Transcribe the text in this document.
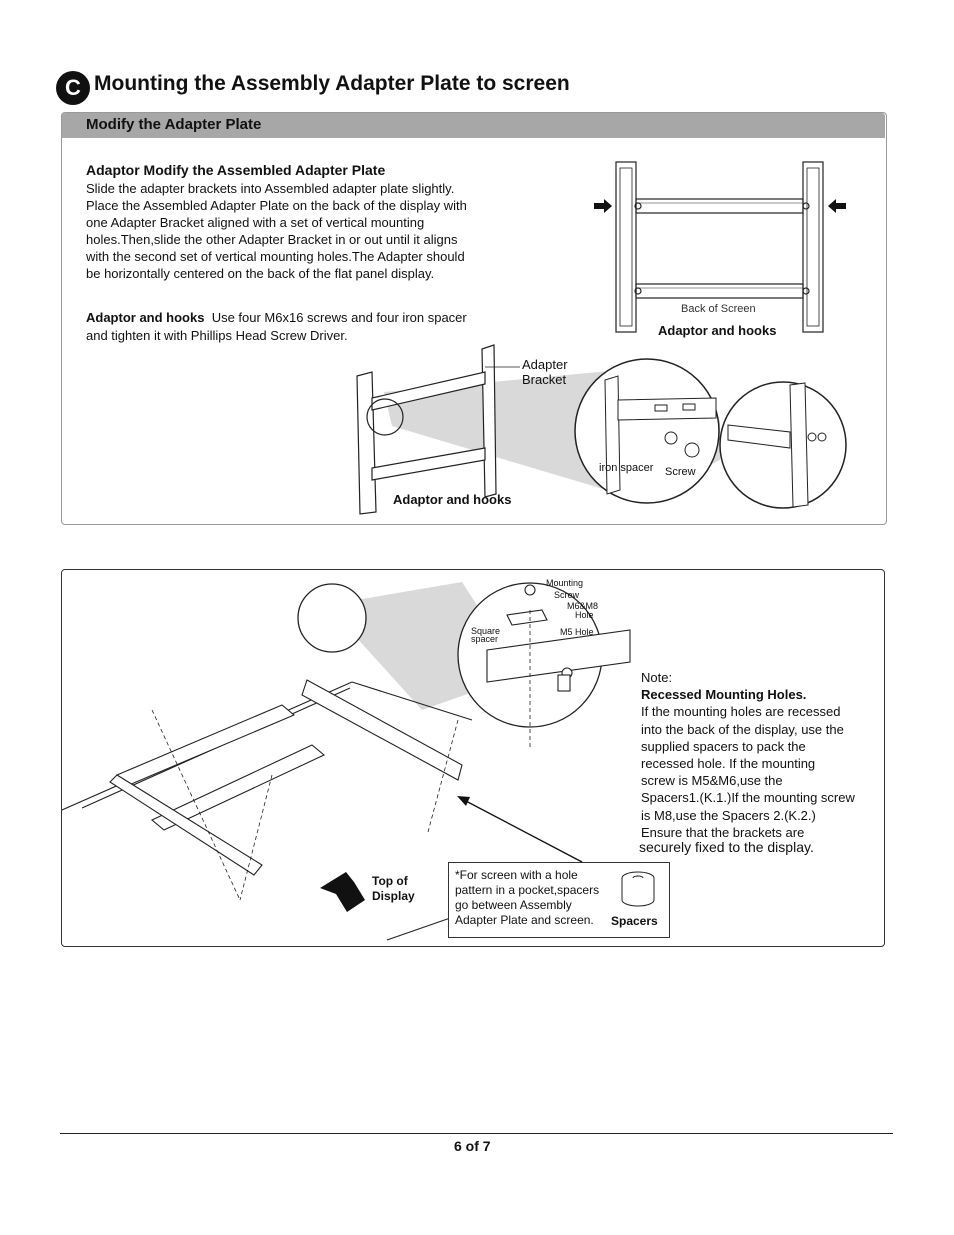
C Mounting the Assembly Adapter Plate to screen
Modify the Adapter Plate
Adaptor Modify the Assembled Adapter Plate
Slide the adapter brackets into Assembled adapter plate slightly.
Place the Assembled Adapter Plate on the back of the display with
one Adapter Bracket aligned with a set of vertical mounting
holes.Then,slide the other Adapter Bracket in or out until it aligns
with the second set of vertical mounting holes.The Adapter should
be horizontally centered on the back of the flat panel display.
Adaptor and hooks Use four M6x16 screws and four iron spacer
and tighten it with Phillips Head Screw Driver.
Back of Screen
Adaptor and hooks
Adapter
Bracket
Adaptor and hooks
iron spacer Screw
Mounting
Screw
M6&M8
Hole
Square
spacer
M5 Hole
Top of
Display
Note:
Recessed Mounting Holes.
If the mounting holes are recessed
into the back of the display, use the
supplied spacers to pack the
recessed hole. If the mounting
screw is M5&M6,use the
Spacers1.(K.1.)If the mounting screw
is M8,use the Spacers 2.(K.2.)
Ensure that the brackets are
securely fixed to the display.
*For screen with a hole
pattern in a pocket,spacers
go between Assembly
Adapter Plate and screen.	Spacers
6 of 7
